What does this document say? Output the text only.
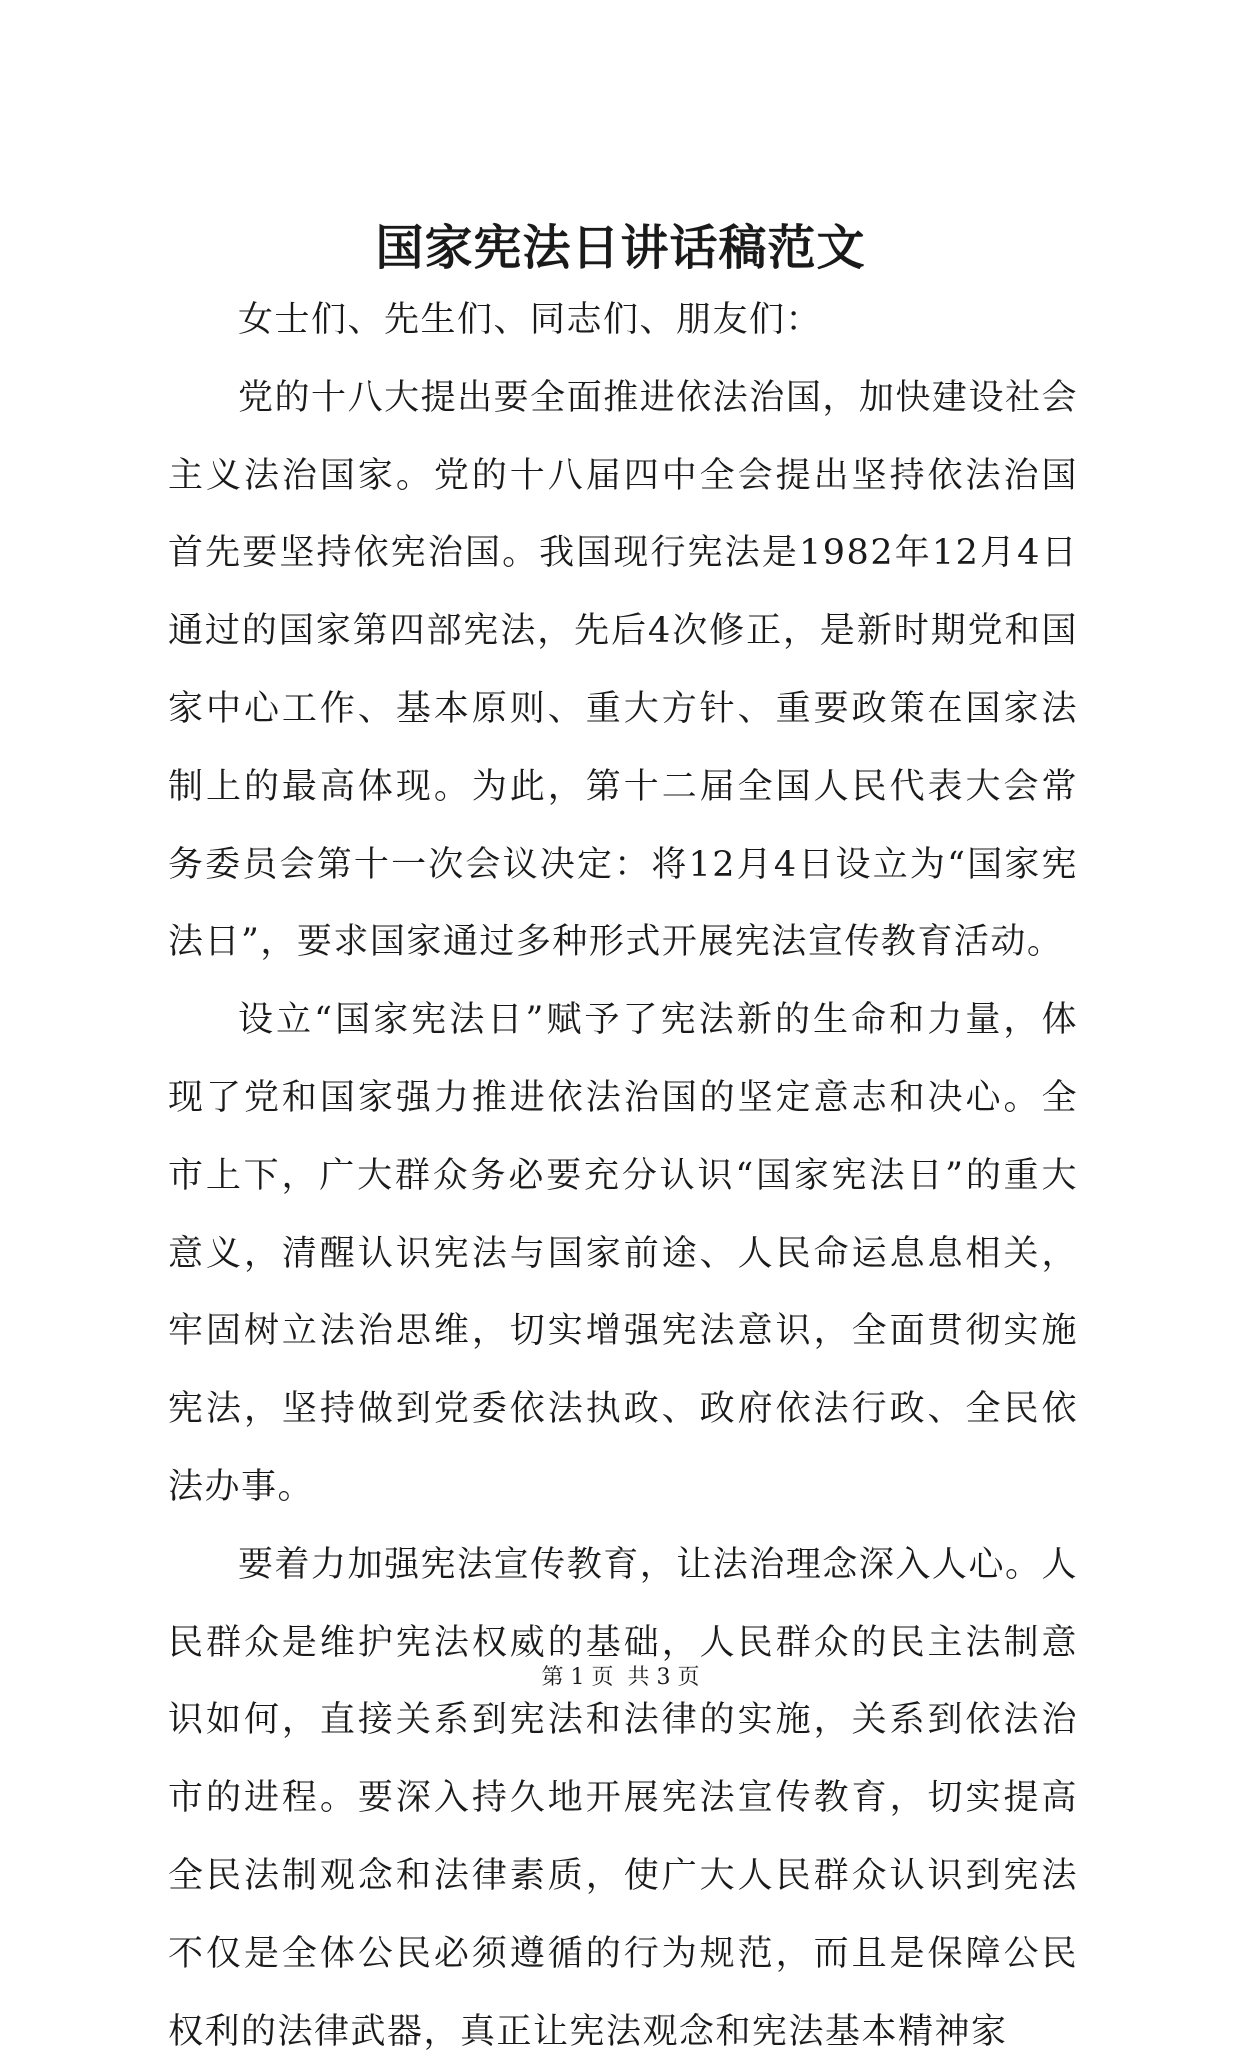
国家宪法日讲话稿范文

女士们、先生们、同志们、朋友们：

党的十八大提出要全面推进依法治国，加快建设社会主义法治国家。党的十八届四中全会提出坚持依法治国首先要坚持依宪治国。我国现行宪法是1982年12月4日通过的国家第四部宪法，先后4次修正，是新时期党和国家中心工作、基本原则、重大方针、重要政策在国家法制上的最高体现。为此，第十二届全国人民代表大会常务委员会第十一次会议决定：将12月4日设立为“国家宪法日”，要求国家通过多种形式开展宪法宣传教育活动。

设立“国家宪法日”赋予了宪法新的生命和力量，体现了党和国家强力推进依法治国的坚定意志和决心。全市上下，广大群众务必要充分认识“国家宪法日”的重大意义，清醒认识宪法与国家前途、人民命运息息相关，牢固树立法治思维，切实增强宪法意识，全面贯彻实施宪法，坚持做到党委依法执政、政府依法行政、全民依法办事。

要着力加强宪法宣传教育，让法治理念深入人心。人民群众是维护宪法权威的基础，人民群众的民主法制意识如何，直接关系到宪法和法律的实施，关系到依法治市的进程。要深入持久地开展宪法宣传教育，切实提高全民法制观念和法律素质，使广大人民群众认识到宪法不仅是全体公民必须遵循的行为规范，而且是保障公民权利的法律武器，真正让宪法观念和宪法基本精神家

第 1 页  共 3 页
